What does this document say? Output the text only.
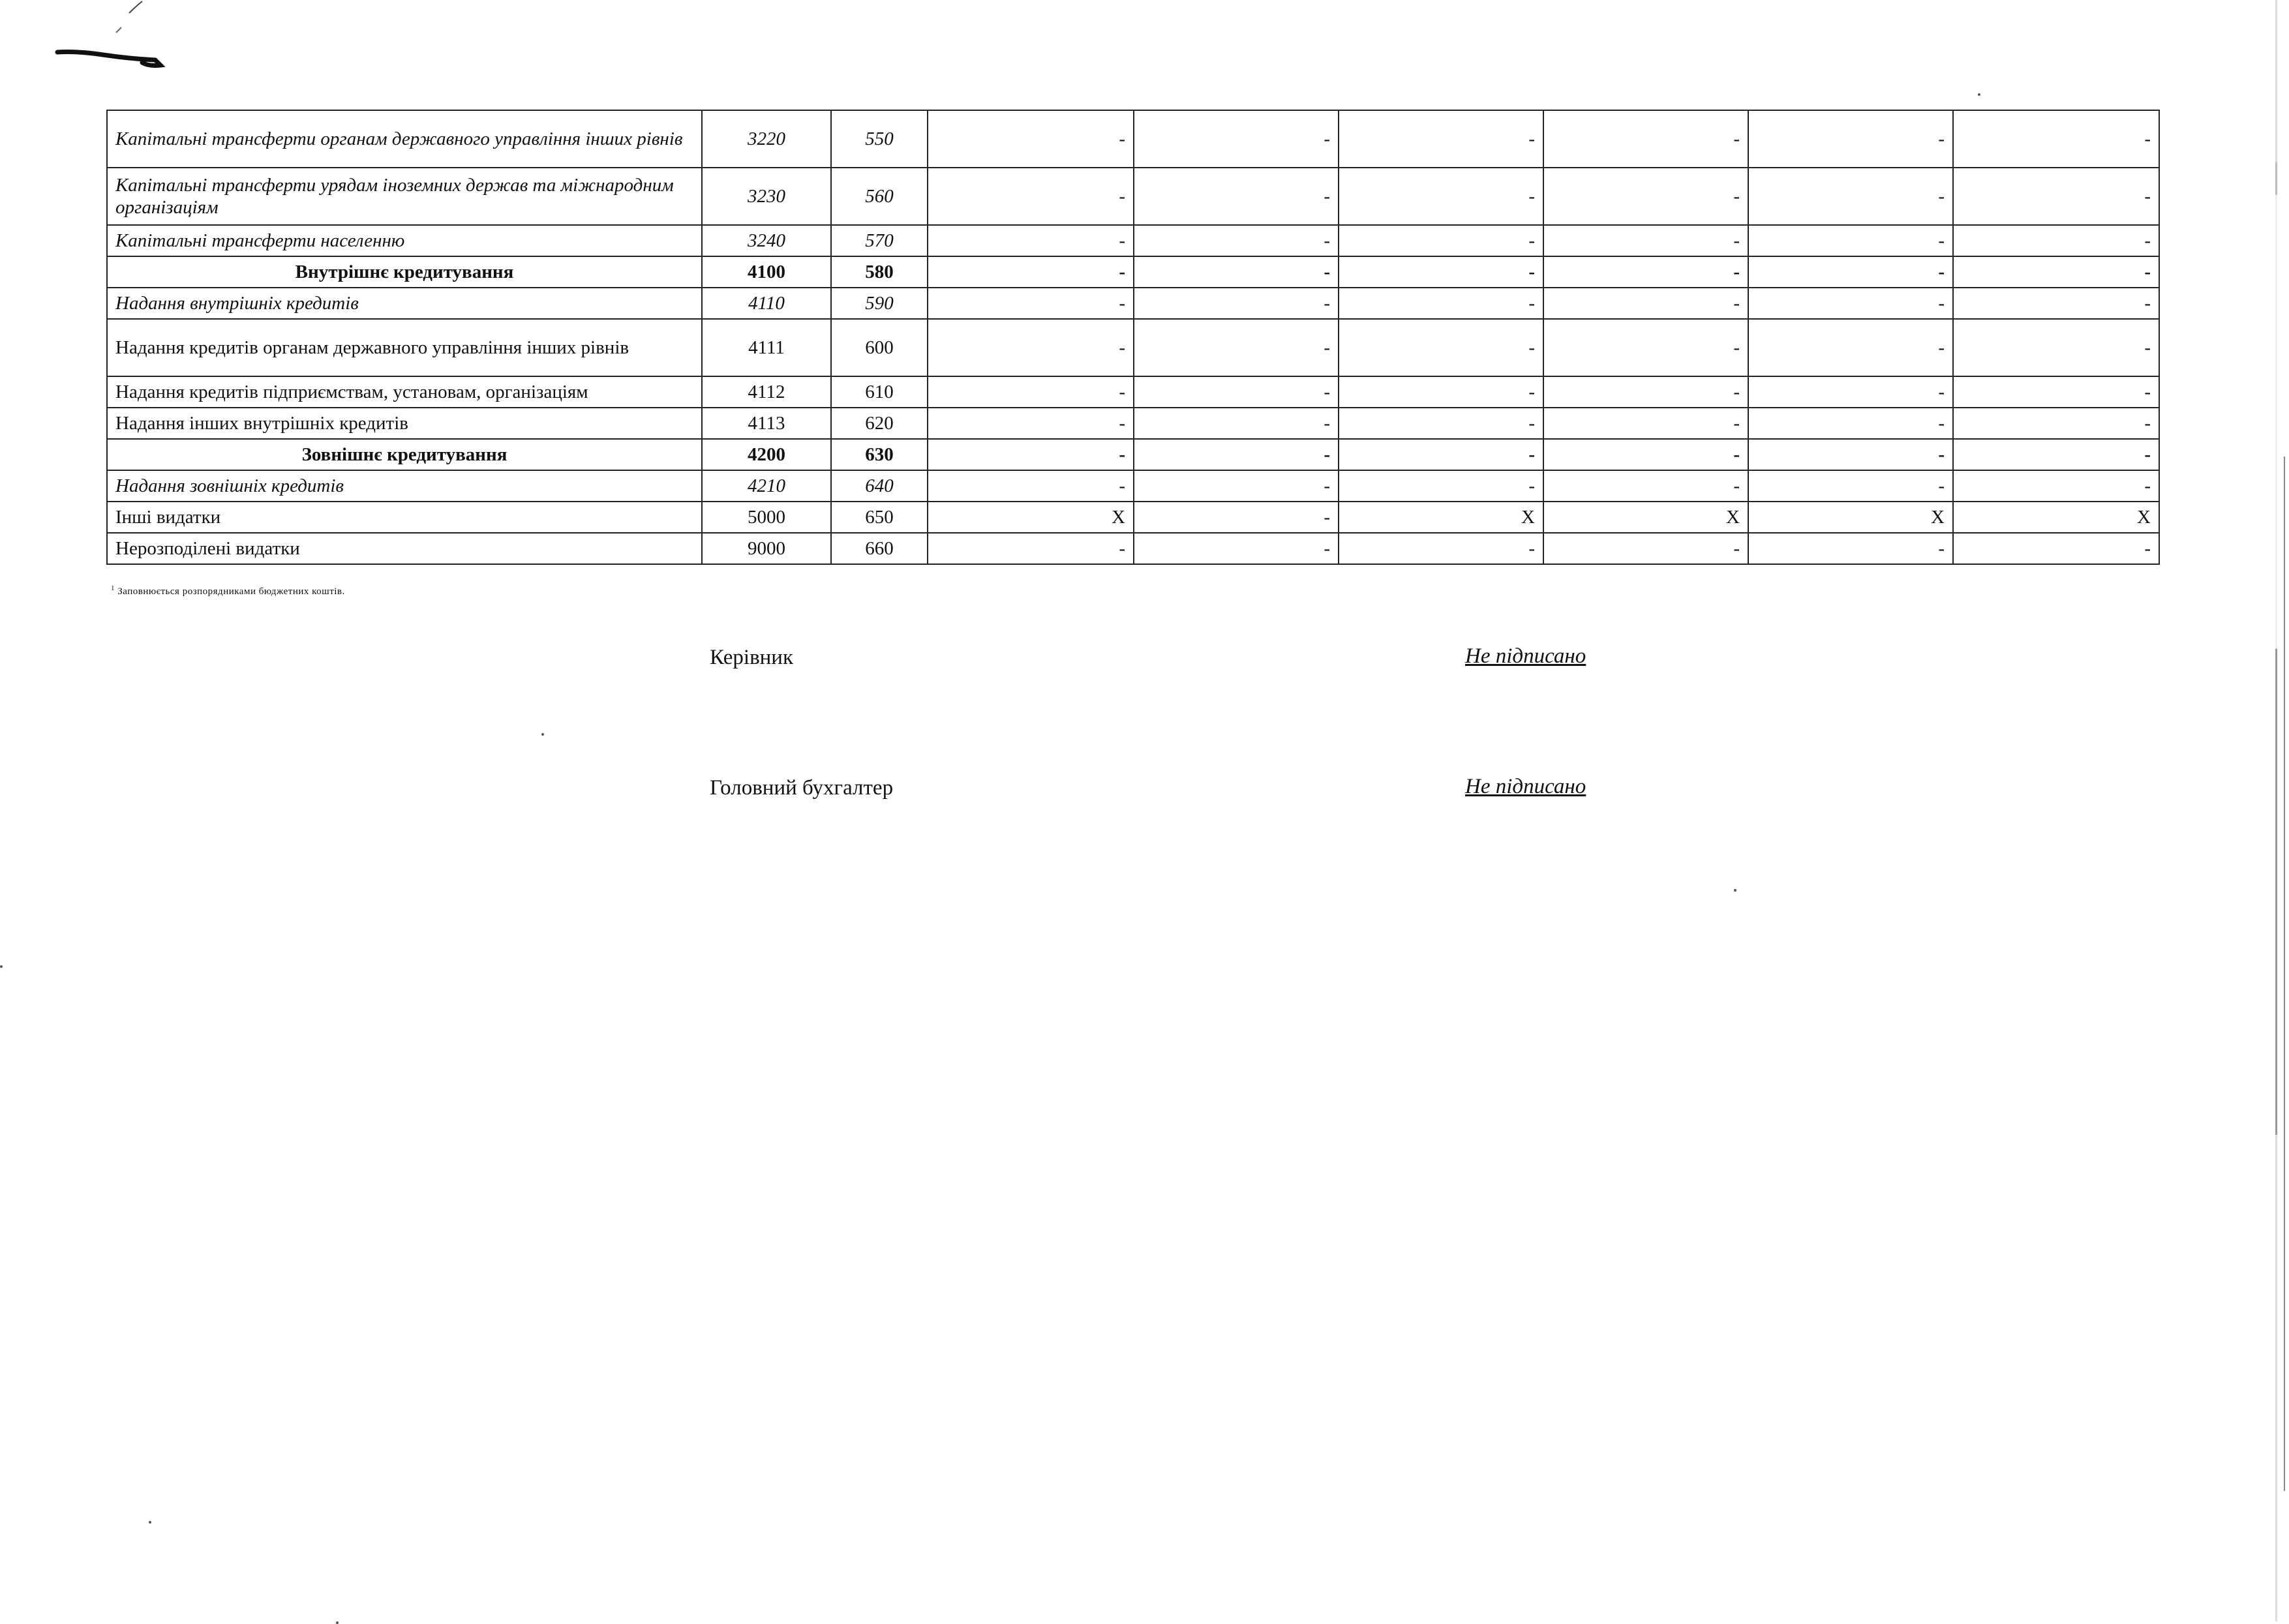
Капітальні трансферти органам державного управління інших рівнів	3220	550	-	-	-	-	-	-
Капітальні трансферти урядам іноземних держав та міжнародним організаціям	3230	560	-	-	-	-	-	-
Капітальні трансферти населенню	3240	570	-	-	-	-	-	-
Внутрішнє кредитування	4100	580	-	-	-	-	-	-
Надання внутрішніх кредитів	4110	590	-	-	-	-	-	-
Надання кредитів органам державного управління інших рівнів	4111	600	-	-	-	-	-	-
Надання кредитів підприємствам, установам, організаціям	4112	610	-	-	-	-	-	-
Надання інших внутрішніх кредитів	4113	620	-	-	-	-	-	-
Зовнішнє кредитування	4200	630	-	-	-	-	-	-
Надання зовнішніх кредитів	4210	640	-	-	-	-	-	-
Інші видатки	5000	650	X	-	X	X	X	X
Нерозподілені видатки	9000	660	-	-	-	-	-	-
$^1$ Заповнюється розпорядниками бюджетних коштів.
Керівник	Не підписано
Головний бухгалтер	Не підписано
